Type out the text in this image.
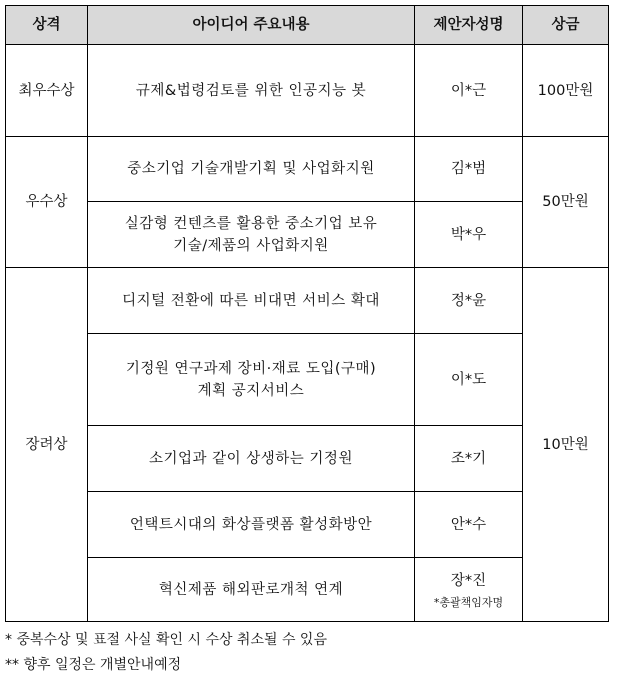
상격	아이디어 주요내용	제안자성명	상금
최우수상	규제&법령검토를 위한 인공지능 봇	이*근	100만원
우수상	중소기업 기술개발기획 및 사업화지원	김*범	50만원
	실감형 컨텐츠를 활용한 중소기업 보유
기술/제품의 사업화지원	박*우	
장려상	디지털 전환에 따른 비대면 서비스 확대	정*윤	10만원
	기정원 연구과제 장비·재료 도입(구매)
계획 공지서비스	이*도	
	소기업과 같이 상생하는 기정원	조*기	
	언택트시대의 화상플랫폼 활성화방안	안*수	
	혁신제품 해외판로개척 연계	장*진
*총괄책임자명	
* 중복수상 및 표절 사실 확인 시 수상 취소될 수 있음
** 향후 일정은 개별안내예정
